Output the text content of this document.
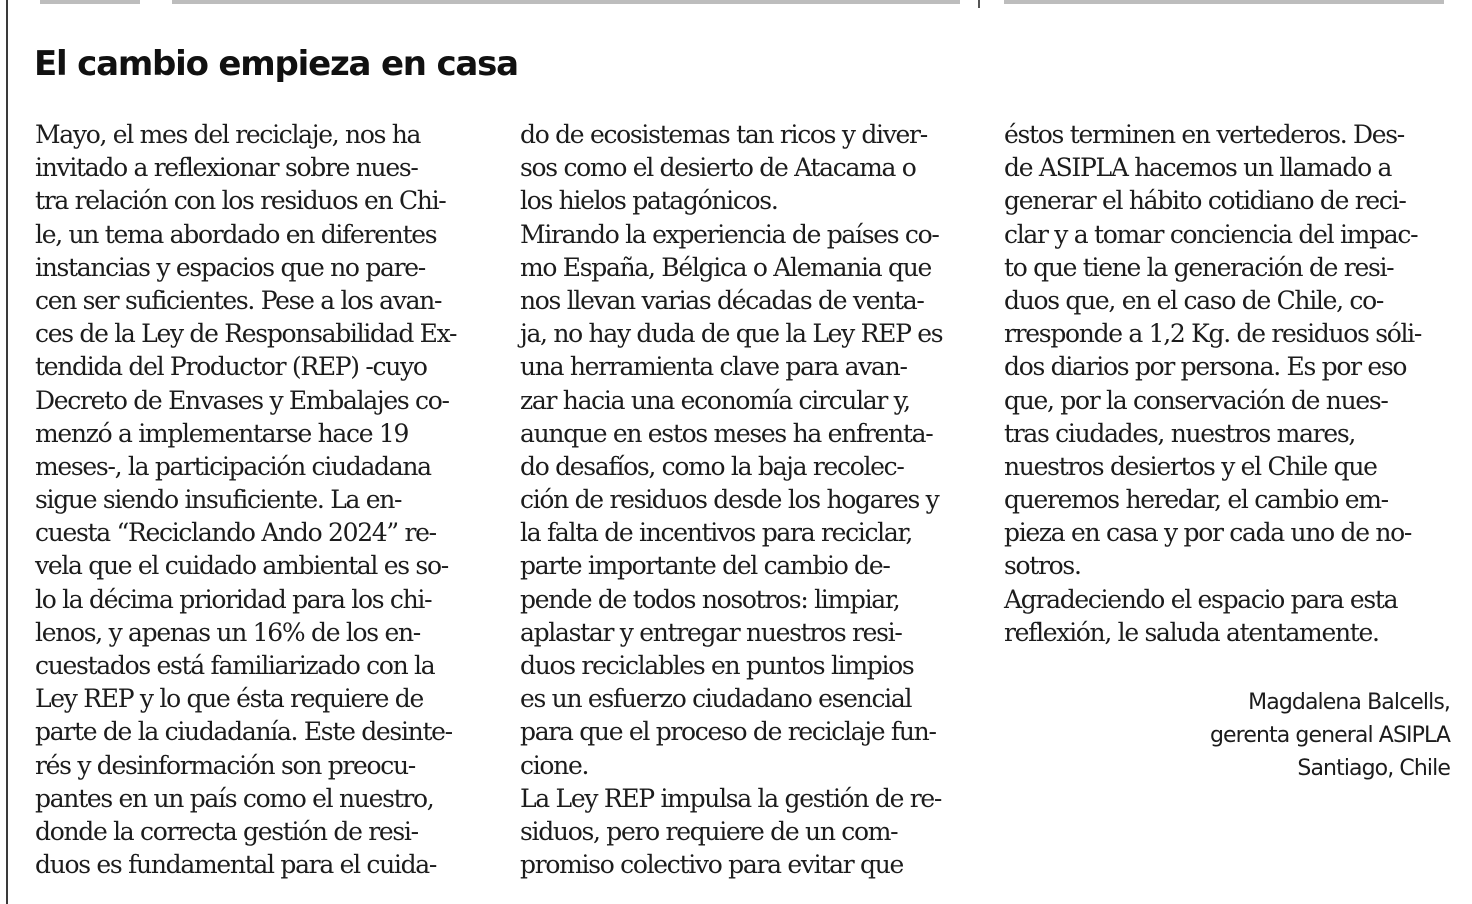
El cambio empieza en casa
Mayo, el mes del reciclaje, nos ha
invitado a reflexionar sobre nues-
tra relación con los residuos en Chi-
le, un tema abordado en diferentes
instancias y espacios que no pare-
cen ser suficientes. Pese a los avan-
ces de la Ley de Responsabilidad Ex-
tendida del Productor (REP) -cuyo
Decreto de Envases y Embalajes co-
menzó a implementarse hace 19
meses-, la participación ciudadana
sigue siendo insuficiente. La en-
cuesta “Reciclando Ando 2024” re-
vela que el cuidado ambiental es so-
lo la décima prioridad para los chi-
lenos, y apenas un 16% de los en-
cuestados está familiarizado con la
Ley REP y lo que ésta requiere de
parte de la ciudadanía. Este desinte-
rés y desinformación son preocu-
pantes en un país como el nuestro,
donde la correcta gestión de resi-
duos es fundamental para el cuida-
do de ecosistemas tan ricos y diver-
sos como el desierto de Atacama o
los hielos patagónicos.
Mirando la experiencia de países co-
mo España, Bélgica o Alemania que
nos llevan varias décadas de venta-
ja, no hay duda de que la Ley REP es
una herramienta clave para avan-
zar hacia una economía circular y,
aunque en estos meses ha enfrenta-
do desafíos, como la baja recolec-
ción de residuos desde los hogares y
la falta de incentivos para reciclar,
parte importante del cambio de-
pende de todos nosotros: limpiar,
aplastar y entregar nuestros resi-
duos reciclables en puntos limpios
es un esfuerzo ciudadano esencial
para que el proceso de reciclaje fun-
cione.
La Ley REP impulsa la gestión de re-
siduos, pero requiere de un com-
promiso colectivo para evitar que
éstos terminen en vertederos. Des-
de ASIPLA hacemos un llamado a
generar el hábito cotidiano de reci-
clar y a tomar conciencia del impac-
to que tiene la generación de resi-
duos que, en el caso de Chile, co-
rresponde a 1,2 Kg. de residuos sóli-
dos diarios por persona. Es por eso
que, por la conservación de nues-
tras ciudades, nuestros mares,
nuestros desiertos y el Chile que
queremos heredar, el cambio em-
pieza en casa y por cada uno de no-
sotros.
Agradeciendo el espacio para esta
reflexión, le saluda atentamente.
Magdalena Balcells,
gerenta general ASIPLA
Santiago, Chile
